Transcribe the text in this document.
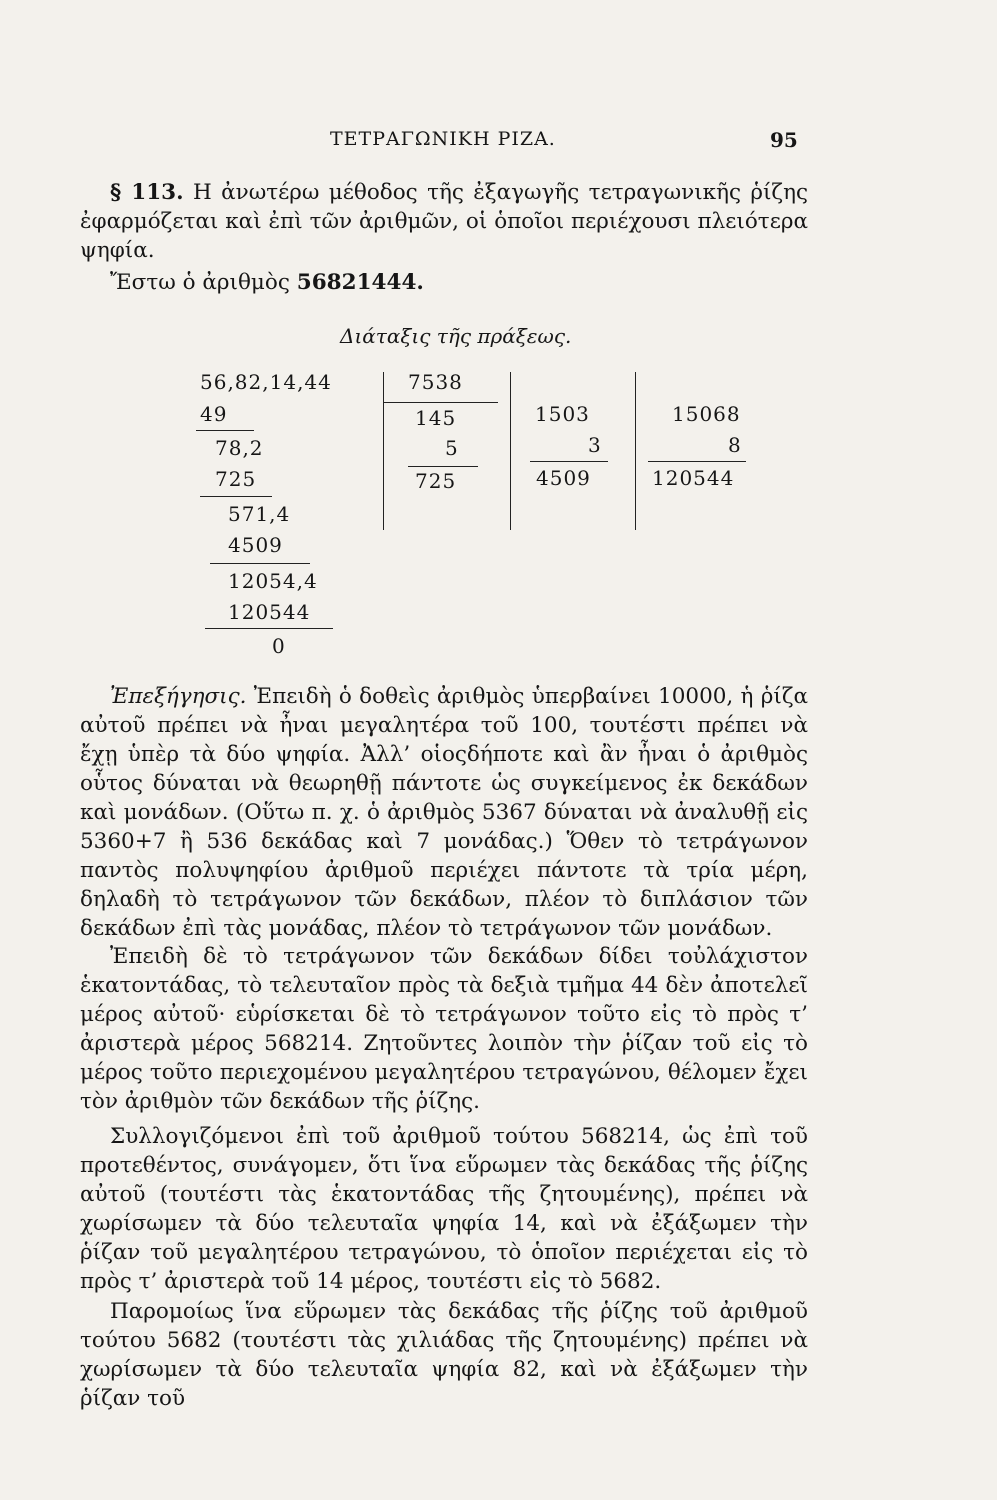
ΤΕΤΡΑΓΩΝΙΚΗ ΡΙΖΑ.	95
§ 113. Η ἀνωτέρω μέθοδος τῆς ἐξαγωγῆς τετραγωνικῆς ῥίζης ἐφαρμόζεται καὶ ἐπὶ τῶν ἀριθμῶν, οἱ ὁποῖοι περιέχουσι πλειότερα ψηφία.
Ἔστω ὁ ἀριθμὸς 56821444.
Διάταξις τῆς πράξεως.
56,82,14,44
49
78,2
725
571,4
4509
12054,4
120544
0
7538
145
5
725
1503
3
4509
15068
8
120544
Ἐπεξήγησις. Ἐπειδὴ ὁ δοθεὶς ἀριθμὸς ὑπερβαίνει 10000, ἡ ῥίζα αὐτοῦ πρέπει νὰ ἦναι μεγαλητέρα τοῦ 100, τουτέστι πρέπει νὰ ἔχῃ ὑπὲρ τὰ δύο ψηφία. Ἀλλ’ οἱοςδήποτε καὶ ἂν ἦναι ὁ ἀριθμὸς οὗτος δύναται νὰ θεωρηθῇ πάντοτε ὡς συγκείμενος ἐκ δεκάδων καὶ μονάδων. (Οὕτω π. χ. ὁ ἀριθμὸς 5367 δύναται νὰ ἀναλυθῇ εἰς 5360+7 ἢ 536 δεκάδας καὶ 7 μονάδας.) Ὅθεν τὸ τετράγωνον παντὸς πολυψηφίου ἀριθμοῦ περιέχει πάντοτε τὰ τρία μέρη, δηλαδὴ τὸ τετράγωνον τῶν δεκάδων, πλέον τὸ διπλάσιον τῶν δεκάδων ἐπὶ τὰς μονάδας, πλέον τὸ τετράγωνον τῶν μονάδων.
Ἐπειδὴ δὲ τὸ τετράγωνον τῶν δεκάδων δίδει τοὐλάχιστον ἑκατοντάδας, τὸ τελευταῖον πρὸς τὰ δεξιὰ τμῆμα 44 δὲν ἀποτελεῖ μέρος αὐτοῦ· εὑρίσκεται δὲ τὸ τετράγωνον τοῦτο εἰς τὸ πρὸς τ’ ἀριστερὰ μέρος 568214. Ζητοῦντες λοιπὸν τὴν ῥίζαν τοῦ εἰς τὸ μέρος τοῦτο περιεχομένου μεγαλητέρου τετραγώνου, θέλομεν ἔχει τὸν ἀριθμὸν τῶν δεκάδων τῆς ῥίζης.
Συλλογιζόμενοι ἐπὶ τοῦ ἀριθμοῦ τούτου 568214, ὡς ἐπὶ τοῦ προτεθέντος, συνάγομεν, ὅτι ἵνα εὕρωμεν τὰς δεκάδας τῆς ῥίζης αὐτοῦ (τουτέστι τὰς ἑκατοντάδας τῆς ζητουμένης), πρέπει νὰ χωρίσωμεν τὰ δύο τελευταῖα ψηφία 14, καὶ νὰ ἐξάξωμεν τὴν ῥίζαν τοῦ μεγαλητέρου τετραγώνου, τὸ ὁποῖον περιέχεται εἰς τὸ πρὸς τ’ ἀριστερὰ τοῦ 14 μέρος, τουτέστι εἰς τὸ 5682.
Παρομοίως ἵνα εὕρωμεν τὰς δεκάδας τῆς ῥίζης τοῦ ἀριθμοῦ τούτου 5682 (τουτέστι τὰς χιλιάδας τῆς ζητουμένης) πρέπει νὰ χωρίσωμεν τὰ δύο τελευταῖα ψηφία 82, καὶ νὰ ἐξάξωμεν τὴν ῥίζαν τοῦ
